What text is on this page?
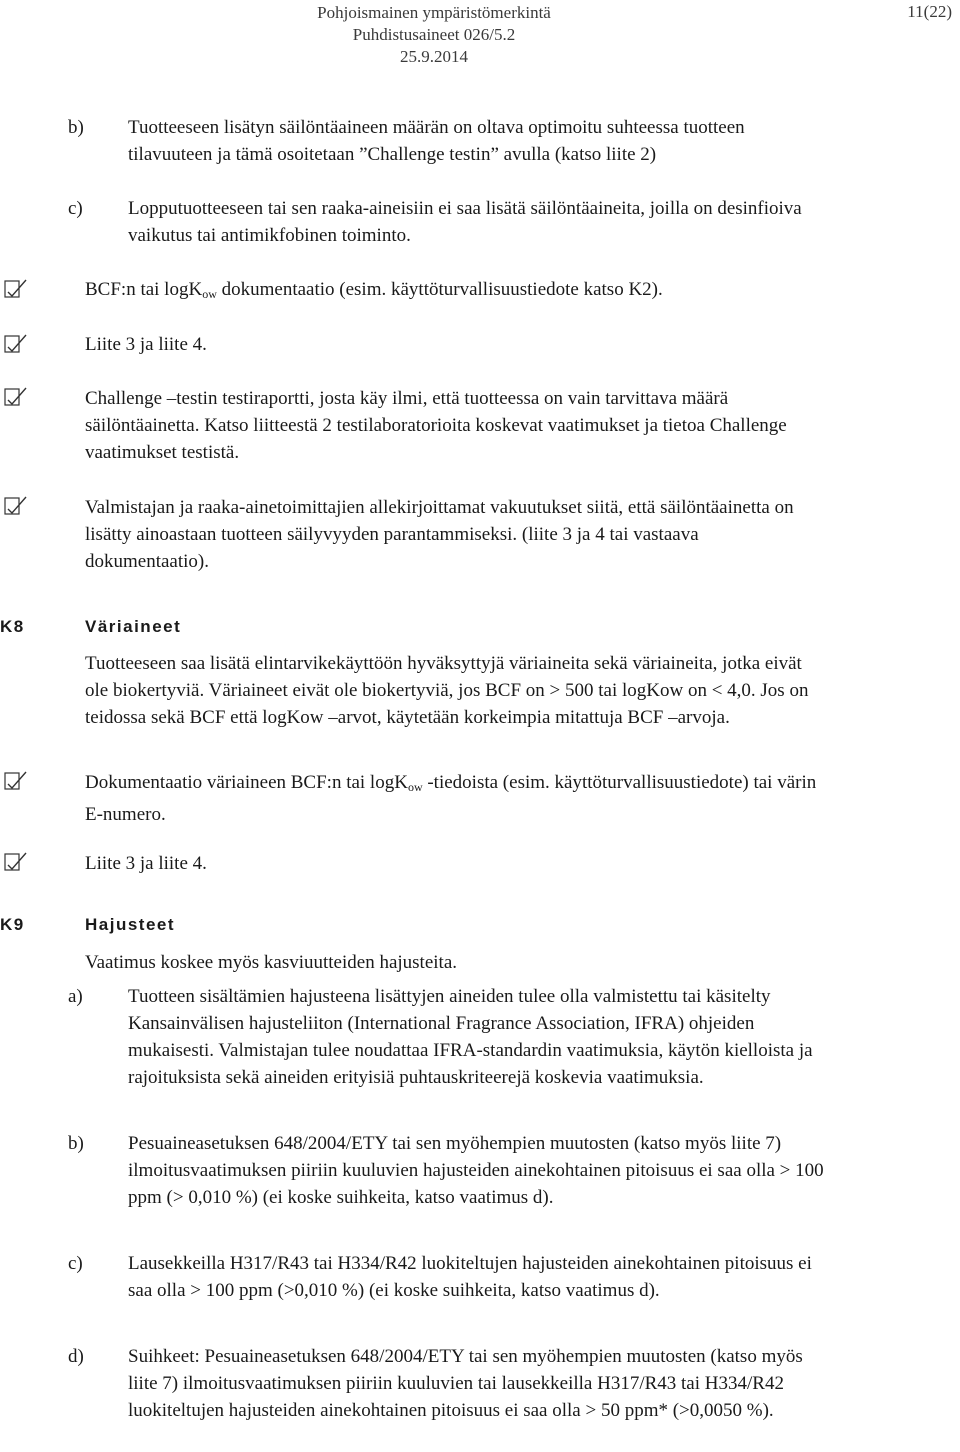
Pohjoismainen ympäristömerkintä
Puhdistusaineet 026/5.2
25.9.2014
11(22)
b) Tuotteeseen lisätyn säilöntäaineen määrän on oltava optimoitu suhteessa tuotteen tilavuuteen ja tämä osoitetaan ”Challenge testin” avulla (katso liite 2)
c) Lopputuotteeseen tai sen raaka-aineisiin ei saa lisätä säilöntäaineita, joilla on desinfioiva vaikutus tai antimikfobinen toiminto.
BCF:n tai logK$_{ow}$ dokumentaatio (esim. käyttöturvallisuustiedote katso K2).
Liite 3 ja liite 4.
Challenge –testin testiraportti, josta käy ilmi, että tuotteessa on vain tarvittava määrä säilöntäainetta. Katso liitteestä 2 testilaboratorioita koskevat vaatimukset ja tietoa Challenge vaatimukset testistä.
Valmistajan ja raaka-ainetoimittajien allekirjoittamat vakuutukset siitä, että säilöntäainetta on lisätty ainoastaan tuotteen säilyvyyden parantammiseksi. (liite 3 ja 4 tai vastaava dokumentaatio).
K8	Väriaineet
Tuotteeseen saa lisätä elintarvikekäyttöön hyväksyttyjä väriaineita sekä väriaineita, jotka eivät ole biokertyviä. Väriaineet eivät ole biokertyviä, jos BCF on > 500 tai logKow on < 4,0. Jos on teidossa sekä BCF että logKow –arvot, käytetään korkeimpia mitattuja BCF –arvoja.
Dokumentaatio väriaineen BCF:n tai logK$_{ow}$ -tiedoista (esim. käyttöturvallisuustiedote) tai värin E-numero.
Liite 3 ja liite 4.
K9	Hajusteet
Vaatimus koskee myös kasviuutteiden hajusteita.
a) Tuotteen sisältämien hajusteena lisättyjen aineiden tulee olla valmistettu tai käsitelty Kansainvälisen hajusteliiton (International Fragrance Association, IFRA) ohjeiden mukaisesti. Valmistajan tulee noudattaa IFRA-standardin vaatimuksia, käytön kielloista ja rajoituksista sekä aineiden erityisiä puhtauskriteerejä koskevia vaatimuksia.
b) Pesuaineasetuksen 648/2004/ETY tai sen myöhempien muutosten (katso myös liite 7) ilmoitusvaatimuksen piiriin kuuluvien hajusteiden ainekohtainen pitoisuus ei saa olla > 100 ppm (> 0,010 %) (ei koske suihkeita, katso vaatimus d).
c) Lausekkeilla H317/R43 tai H334/R42 luokiteltujen hajusteiden ainekohtainen pitoisuus ei saa olla > 100 ppm (>0,010 %) (ei koske suihkeita, katso vaatimus d).
d) Suihkeet: Pesuaineasetuksen 648/2004/ETY tai sen myöhempien muutosten (katso myös liite 7) ilmoitusvaatimuksen piiriin kuuluvien tai lausekkeilla H317/R43 tai H334/R42 luokiteltujen hajusteiden ainekohtainen pitoisuus ei saa olla > 50 ppm* (>0,0050 %).
